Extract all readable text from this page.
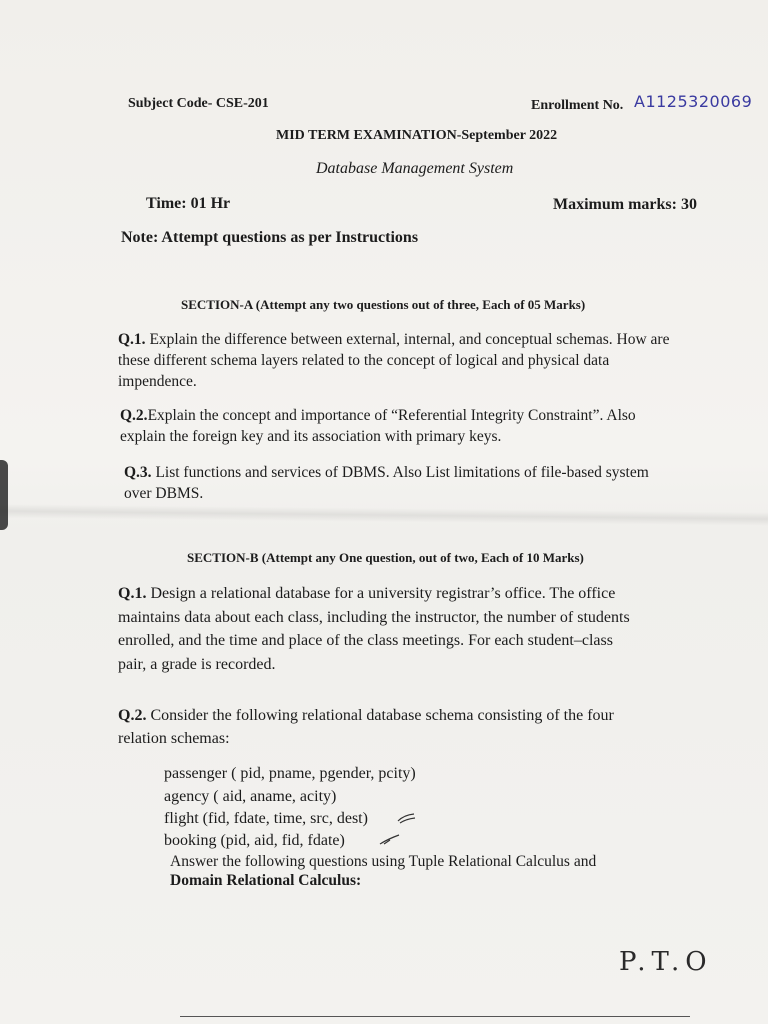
Subject Code- CSE-201	Enrollment No. A1125320069
MID TERM EXAMINATION-September 2022
Database Management System
Time: 01 Hr	Maximum marks: 30
Note: Attempt questions as per Instructions
SECTION-A (Attempt any two questions out of three, Each of 05 Marks)
Q.1. Explain the difference between external, internal, and conceptual schemas. How are
these different schema layers related to the concept of logical and physical data
impendence.
Q.2.Explain the concept and importance of “Referential Integrity Constraint”. Also
explain the foreign key and its association with primary keys.
Q.3. List functions and services of DBMS. Also List limitations of file-based system
over DBMS.
SECTION-B (Attempt any One question, out of two, Each of 10 Marks)
Q.1. Design a relational database for a university registrar’s office. The office
maintains data about each class, including the instructor, the number of students
enrolled, and the time and place of the class meetings. For each student–class
pair, a grade is recorded.
Q.2. Consider the following relational database schema consisting of the four
relation schemas:
passenger ( pid, pname, pgender, pcity)
agency ( aid, aname, acity)
flight (fid, fdate, time, src, dest)
booking (pid, aid, fid, fdate)
Answer the following questions using Tuple Relational Calculus and
Domain Relational Calculus:
P.T.O
